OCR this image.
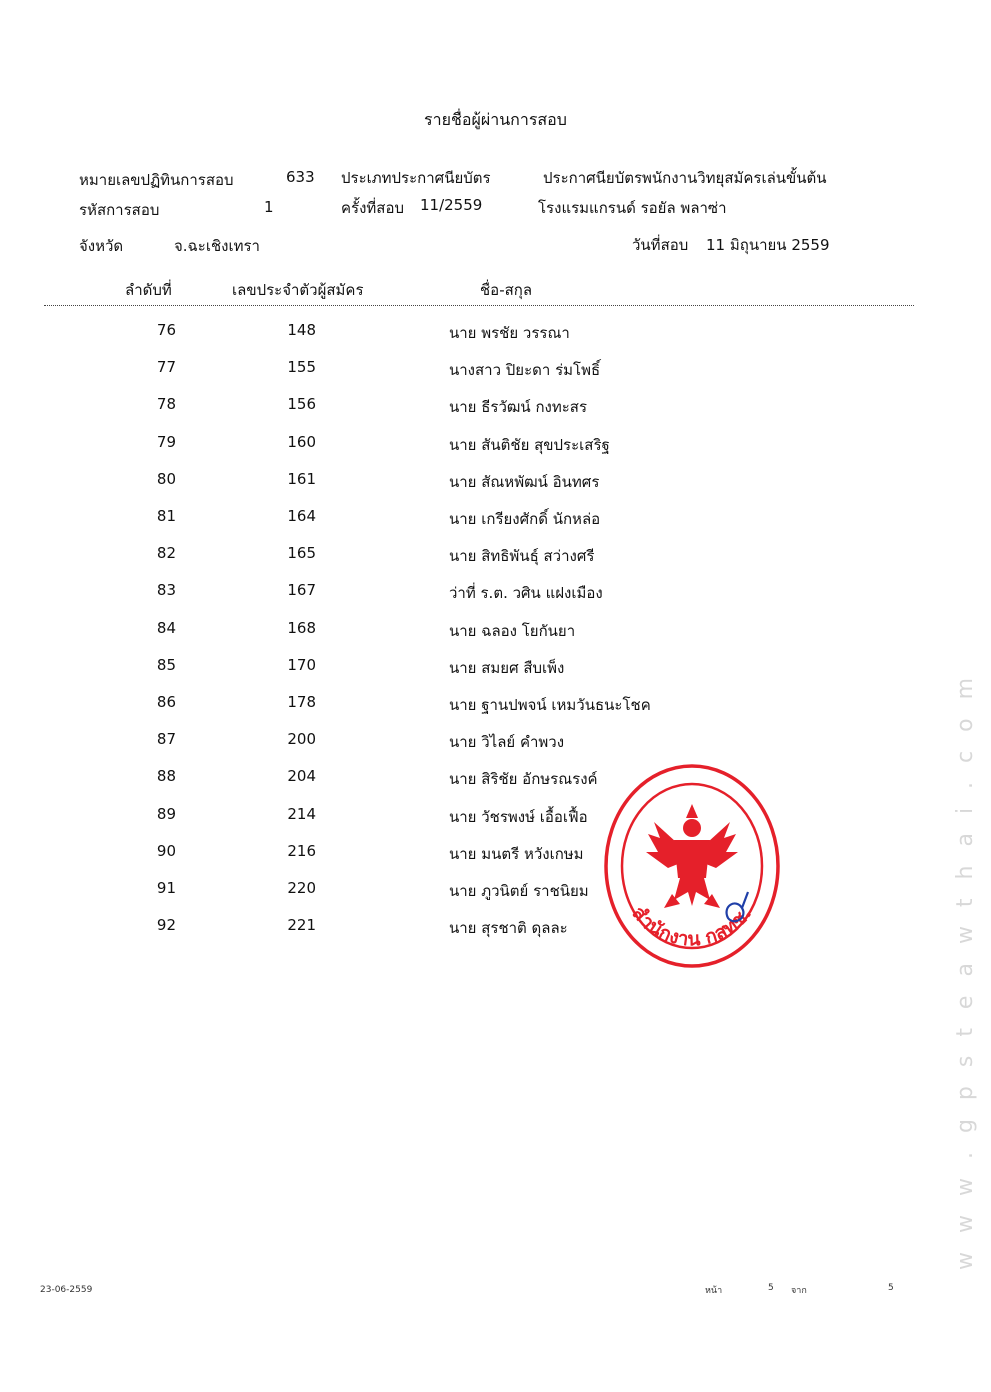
รายชื่อผู้ผ่านการสอบ
หมายเลขปฏิทินการสอบ	633 ประเภทประกาศนียบัตร	ประกาศนียบัตรพนักงานวิทยุสมัครเล่นขั้นต้น
รหัสการสอบ	1	ครั้งที่สอบ 11/2559	โรงแรมแกรนด์ รอยัล พลาซ่า
จังหวัด	จ.ฉะเชิงเทรา	วันที่สอบ 11 มิถุนายน 2559
ลำดับที่	เลขประจำตัวผู้สมัคร	ชื่อ-สกุล
76	148	นาย พรชัย วรรณา
77	155	นางสาว ปิยะดา ร่มโพธิ์
78	156	นาย ธีรวัฒน์ กงทะสร
79	160	นาย สันติชัย สุขประเสริฐ
80	161	นาย สัณหพัฒน์ อินทศร
81	164	นาย เกรียงศักดิ์ นักหล่อ
82	165	นาย สิทธิพันธุ์ สว่างศรี
83	167	ว่าที่ ร.ต. วศิน แฝงเมือง
84	168	นาย ฉลอง โยกันยา
85	170	นาย สมยศ สืบเพ็ง
86	178	นาย ฐานปพจน์ เหมวันธนะโชค
87	200	นาย วิไลย์ คำพวง
88	204	นาย สิริชัย อักษรณรงค์
89	214	นาย วัชรพงษ์ เอื้อเฟื้อ
90	216	นาย มนตรี หวังเกษม
91	220	นาย ภูวนิตย์ ราชนิยม
92	221	นาย สุรชาติ ดุลละ
23-06-2559	หน้า	5 จาก	5
w w w . g p s t e a w t h a i . c o m
สำนักงาน กสทช.
